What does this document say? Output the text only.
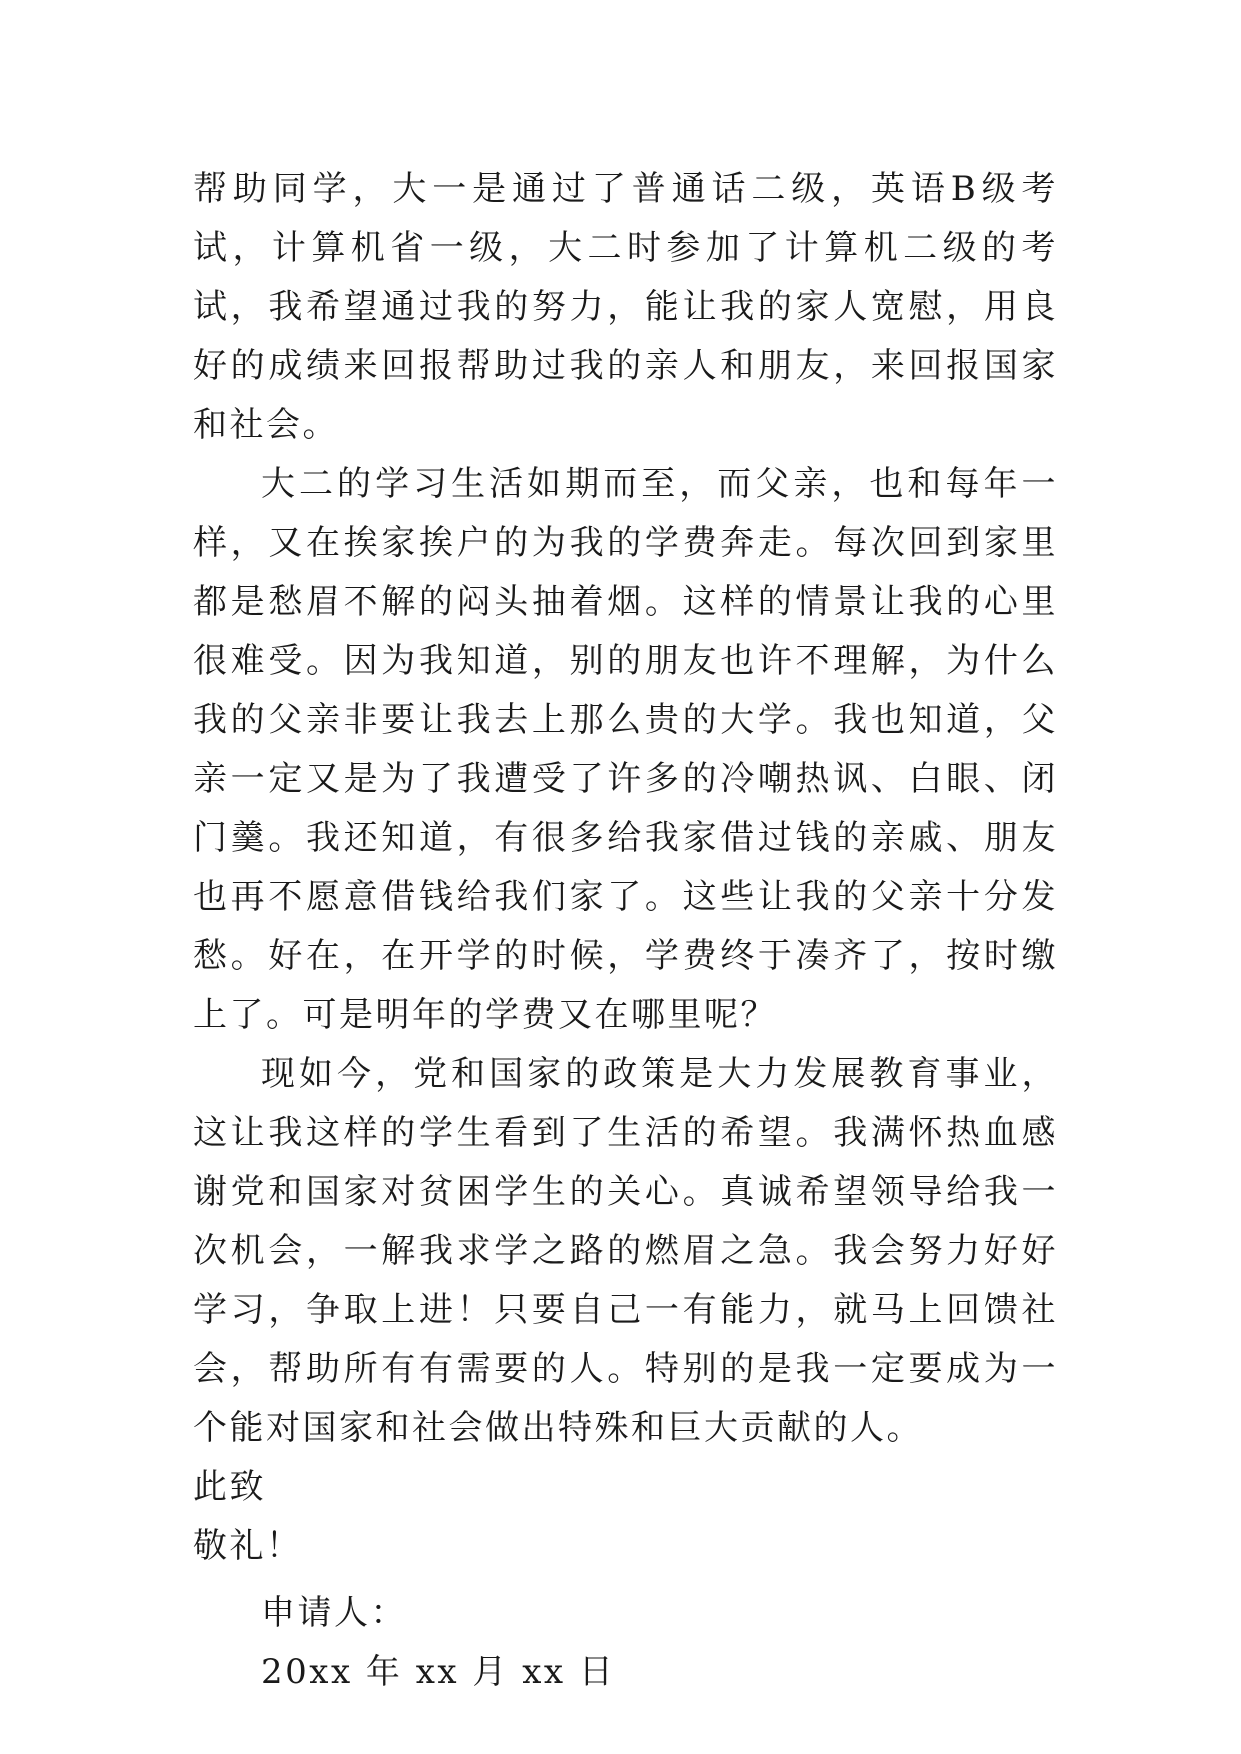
帮助同学，大一是通过了普通话二级，英语B级考试，计算机省一级，大二时参加了计算机二级的考试，我希望通过我的努力，能让我的家人宽慰，用良好的成绩来回报帮助过我的亲人和朋友，来回报国家和社会。

大二的学习生活如期而至，而父亲，也和每年一样，又在挨家挨户的为我的学费奔走。每次回到家里都是愁眉不解的闷头抽着烟。这样的情景让我的心里很难受。因为我知道，别的朋友也许不理解，为什么我的父亲非要让我去上那么贵的大学。我也知道，父亲一定又是为了我遭受了许多的冷嘲热讽、白眼、闭门羹。我还知道，有很多给我家借过钱的亲戚、朋友也再不愿意借钱给我们家了。这些让我的父亲十分发愁。好在，在开学的时候，学费终于凑齐了，按时缴上了。可是明年的学费又在哪里呢？

现如今，党和国家的政策是大力发展教育事业，这让我这样的学生看到了生活的希望。我满怀热血感谢党和国家对贫困学生的关心。真诚希望领导给我一次机会，一解我求学之路的燃眉之急。我会努力好好学习，争取上进！只要自己一有能力，就马上回馈社会，帮助所有有需要的人。特别的是我一定要成为一个能对国家和社会做出特殊和巨大贡献的人。

此致

敬礼！

申请人：

20xx 年 xx 月 xx 日
